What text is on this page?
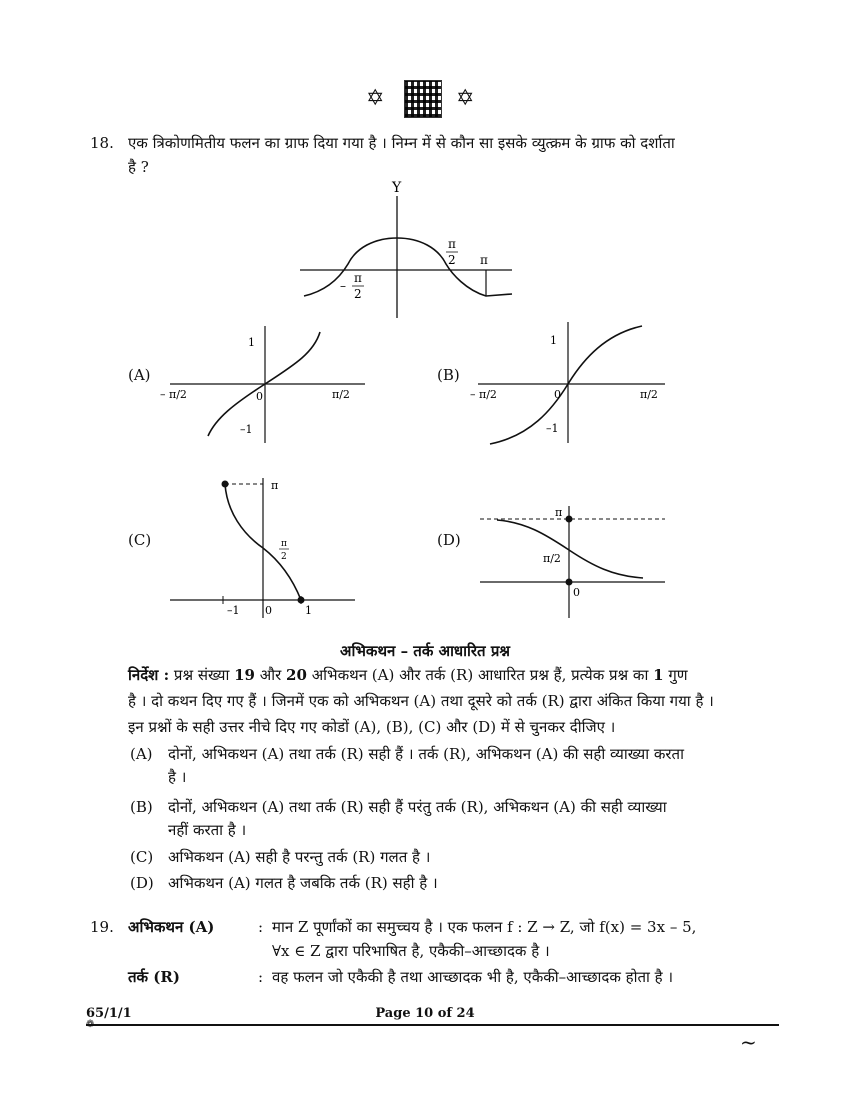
✡	✡
18. एक त्रिकोणमितीय फलन का ग्राफ दिया गया है । निम्न में से कौन सा इसके व्युत्क्रम के ग्राफ को दर्शाता
है ?
Y
π
2 π
–
π
2
(A)
1
–1
0
– π/2	π/2
(B)
1
–1
0
– π/2	π/2
(C)
π
π
2
–1 0	1
(D)
π
π/2
0
अभिकथन – तर्क आधारित प्रश्न
निर्देश : प्रश्न संख्या 19 और 20 अभिकथन (A) और तर्क (R) आधारित प्रश्न हैं, प्रत्येक प्रश्न का 1 गुण
है । दो कथन दिए गए हैं । जिनमें एक को अभिकथन (A) तथा दूसरे को तर्क (R) द्वारा अंकित किया गया है ।
इन प्रश्नों के सही उत्तर नीचे दिए गए कोडों (A), (B), (C) और (D) में से चुनकर दीजिए ।
(A) दोनों, अभिकथन (A) तथा तर्क (R) सही हैं । तर्क (R), अभिकथन (A) की सही व्याख्या करता
है ।
(B) दोनों, अभिकथन (A) तथा तर्क (R) सही हैं परंतु तर्क (R), अभिकथन (A) की सही व्याख्या
नहीं करता है ।
(C) अभिकथन (A) सही है परन्तु तर्क (R) गलत है ।
(D) अभिकथन (A) गलत है जबकि तर्क (R) सही है ।
19. अभिकथन (A)	: मान Z पूर्णांकों का समुच्चय है । एक फलन f : Z → Z, जो f(x) = 3x – 5,
∀x ∈ Z द्वारा परिभाषित है, एकैकी–आच्छादक है ।
तर्क (R)	: वह फलन जो एकैकी है तथा आच्छादक भी है, एकैकी–आच्छादक होता है ।
65/1/1	Page 10 of 24
❁
~
